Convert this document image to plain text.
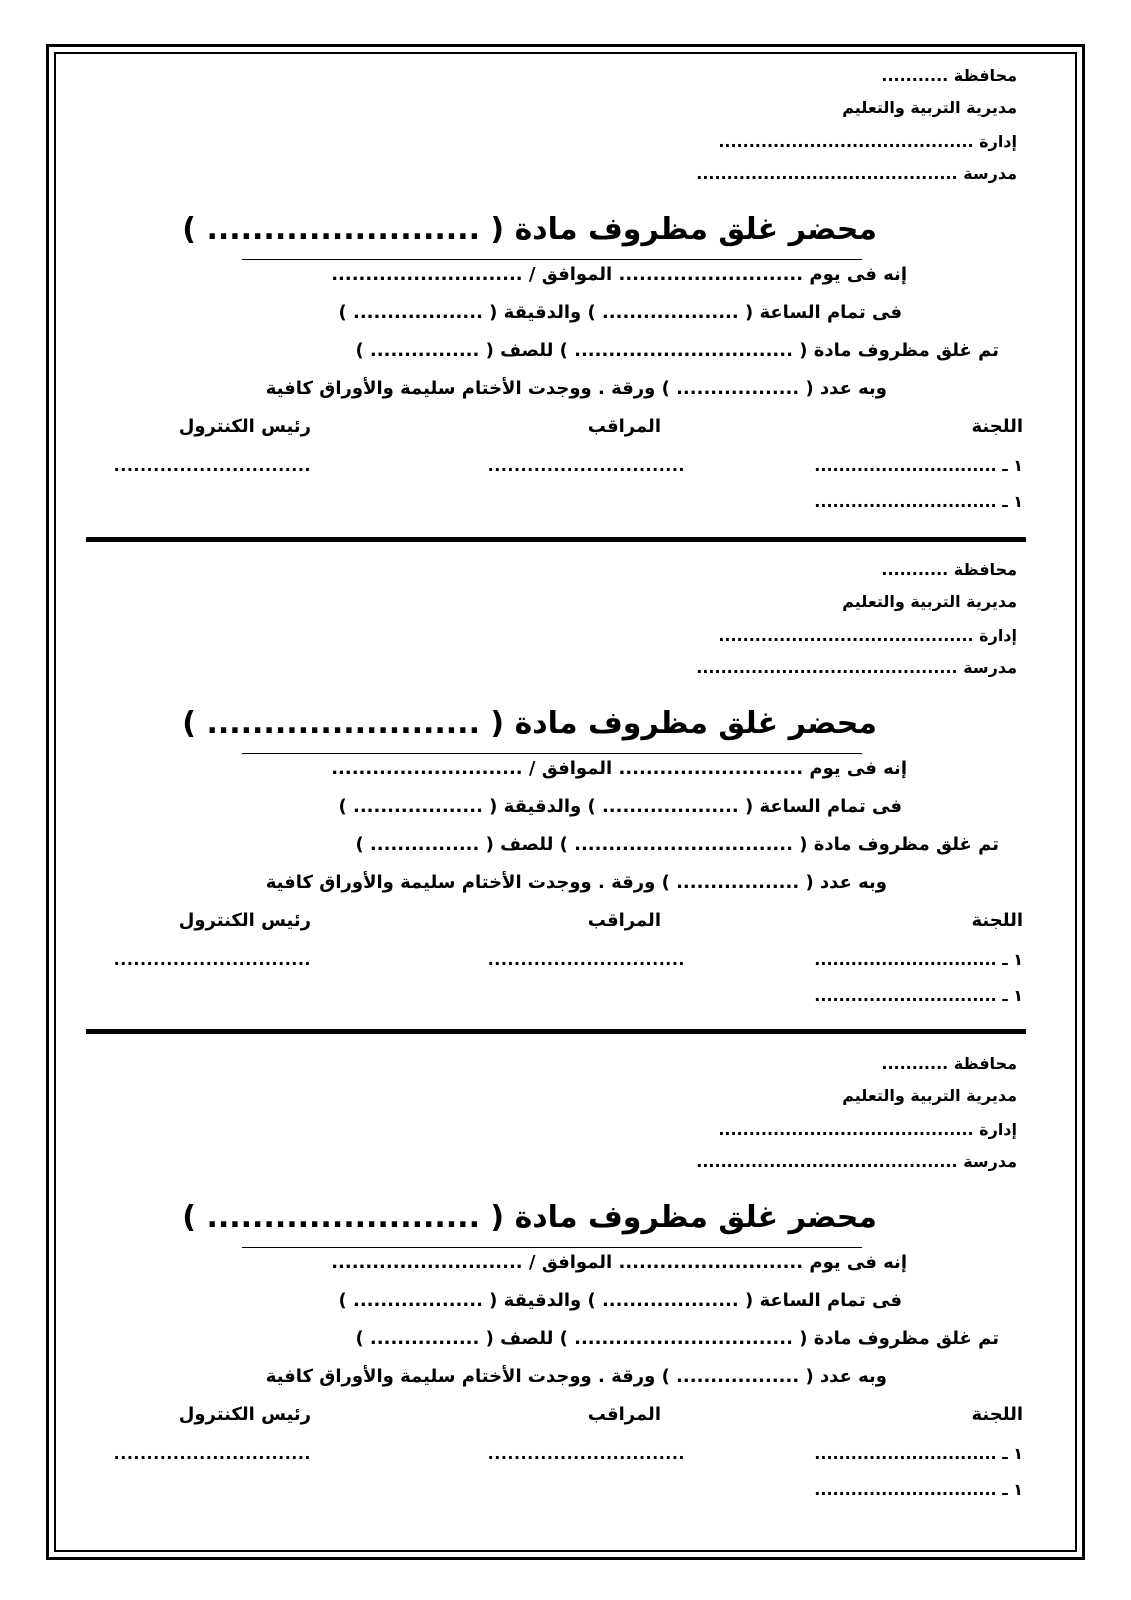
محافظة ...........

مديرية التربية والتعليم

إدارة ..........................................

مدرسة ...........................................

محضر غلق مظروف مادة ( ........................ )

إنه فى يوم ........................... الموافق / ............................

فى تمام الساعة ( .................... ) والدقيقة ( ................... )

تم غلق مظروف مادة ( ................................ ) للصف ( ................ )

وبه عدد ( .................. ) ورقة . ووجدت الأختام سليمة والأوراق كافية

اللجنة

المراقب

رئيس الكنترول

١ ـ ..............................

..............................

..............................

١ ـ ..............................

محافظة ...........

مديرية التربية والتعليم

إدارة ..........................................

مدرسة ...........................................

محضر غلق مظروف مادة ( ........................ )

إنه فى يوم ........................... الموافق / ............................

فى تمام الساعة ( .................... ) والدقيقة ( ................... )

تم غلق مظروف مادة ( ................................ ) للصف ( ................ )

وبه عدد ( .................. ) ورقة . ووجدت الأختام سليمة والأوراق كافية

اللجنة

المراقب

رئيس الكنترول

١ ـ ..............................

..............................

..............................

١ ـ ..............................

محافظة ...........

مديرية التربية والتعليم

إدارة ..........................................

مدرسة ...........................................

محضر غلق مظروف مادة ( ........................ )

إنه فى يوم ........................... الموافق / ............................

فى تمام الساعة ( .................... ) والدقيقة ( ................... )

تم غلق مظروف مادة ( ................................ ) للصف ( ................ )

وبه عدد ( .................. ) ورقة . ووجدت الأختام سليمة والأوراق كافية

اللجنة

المراقب

رئيس الكنترول

١ ـ ..............................

..............................

..............................

١ ـ ..............................
